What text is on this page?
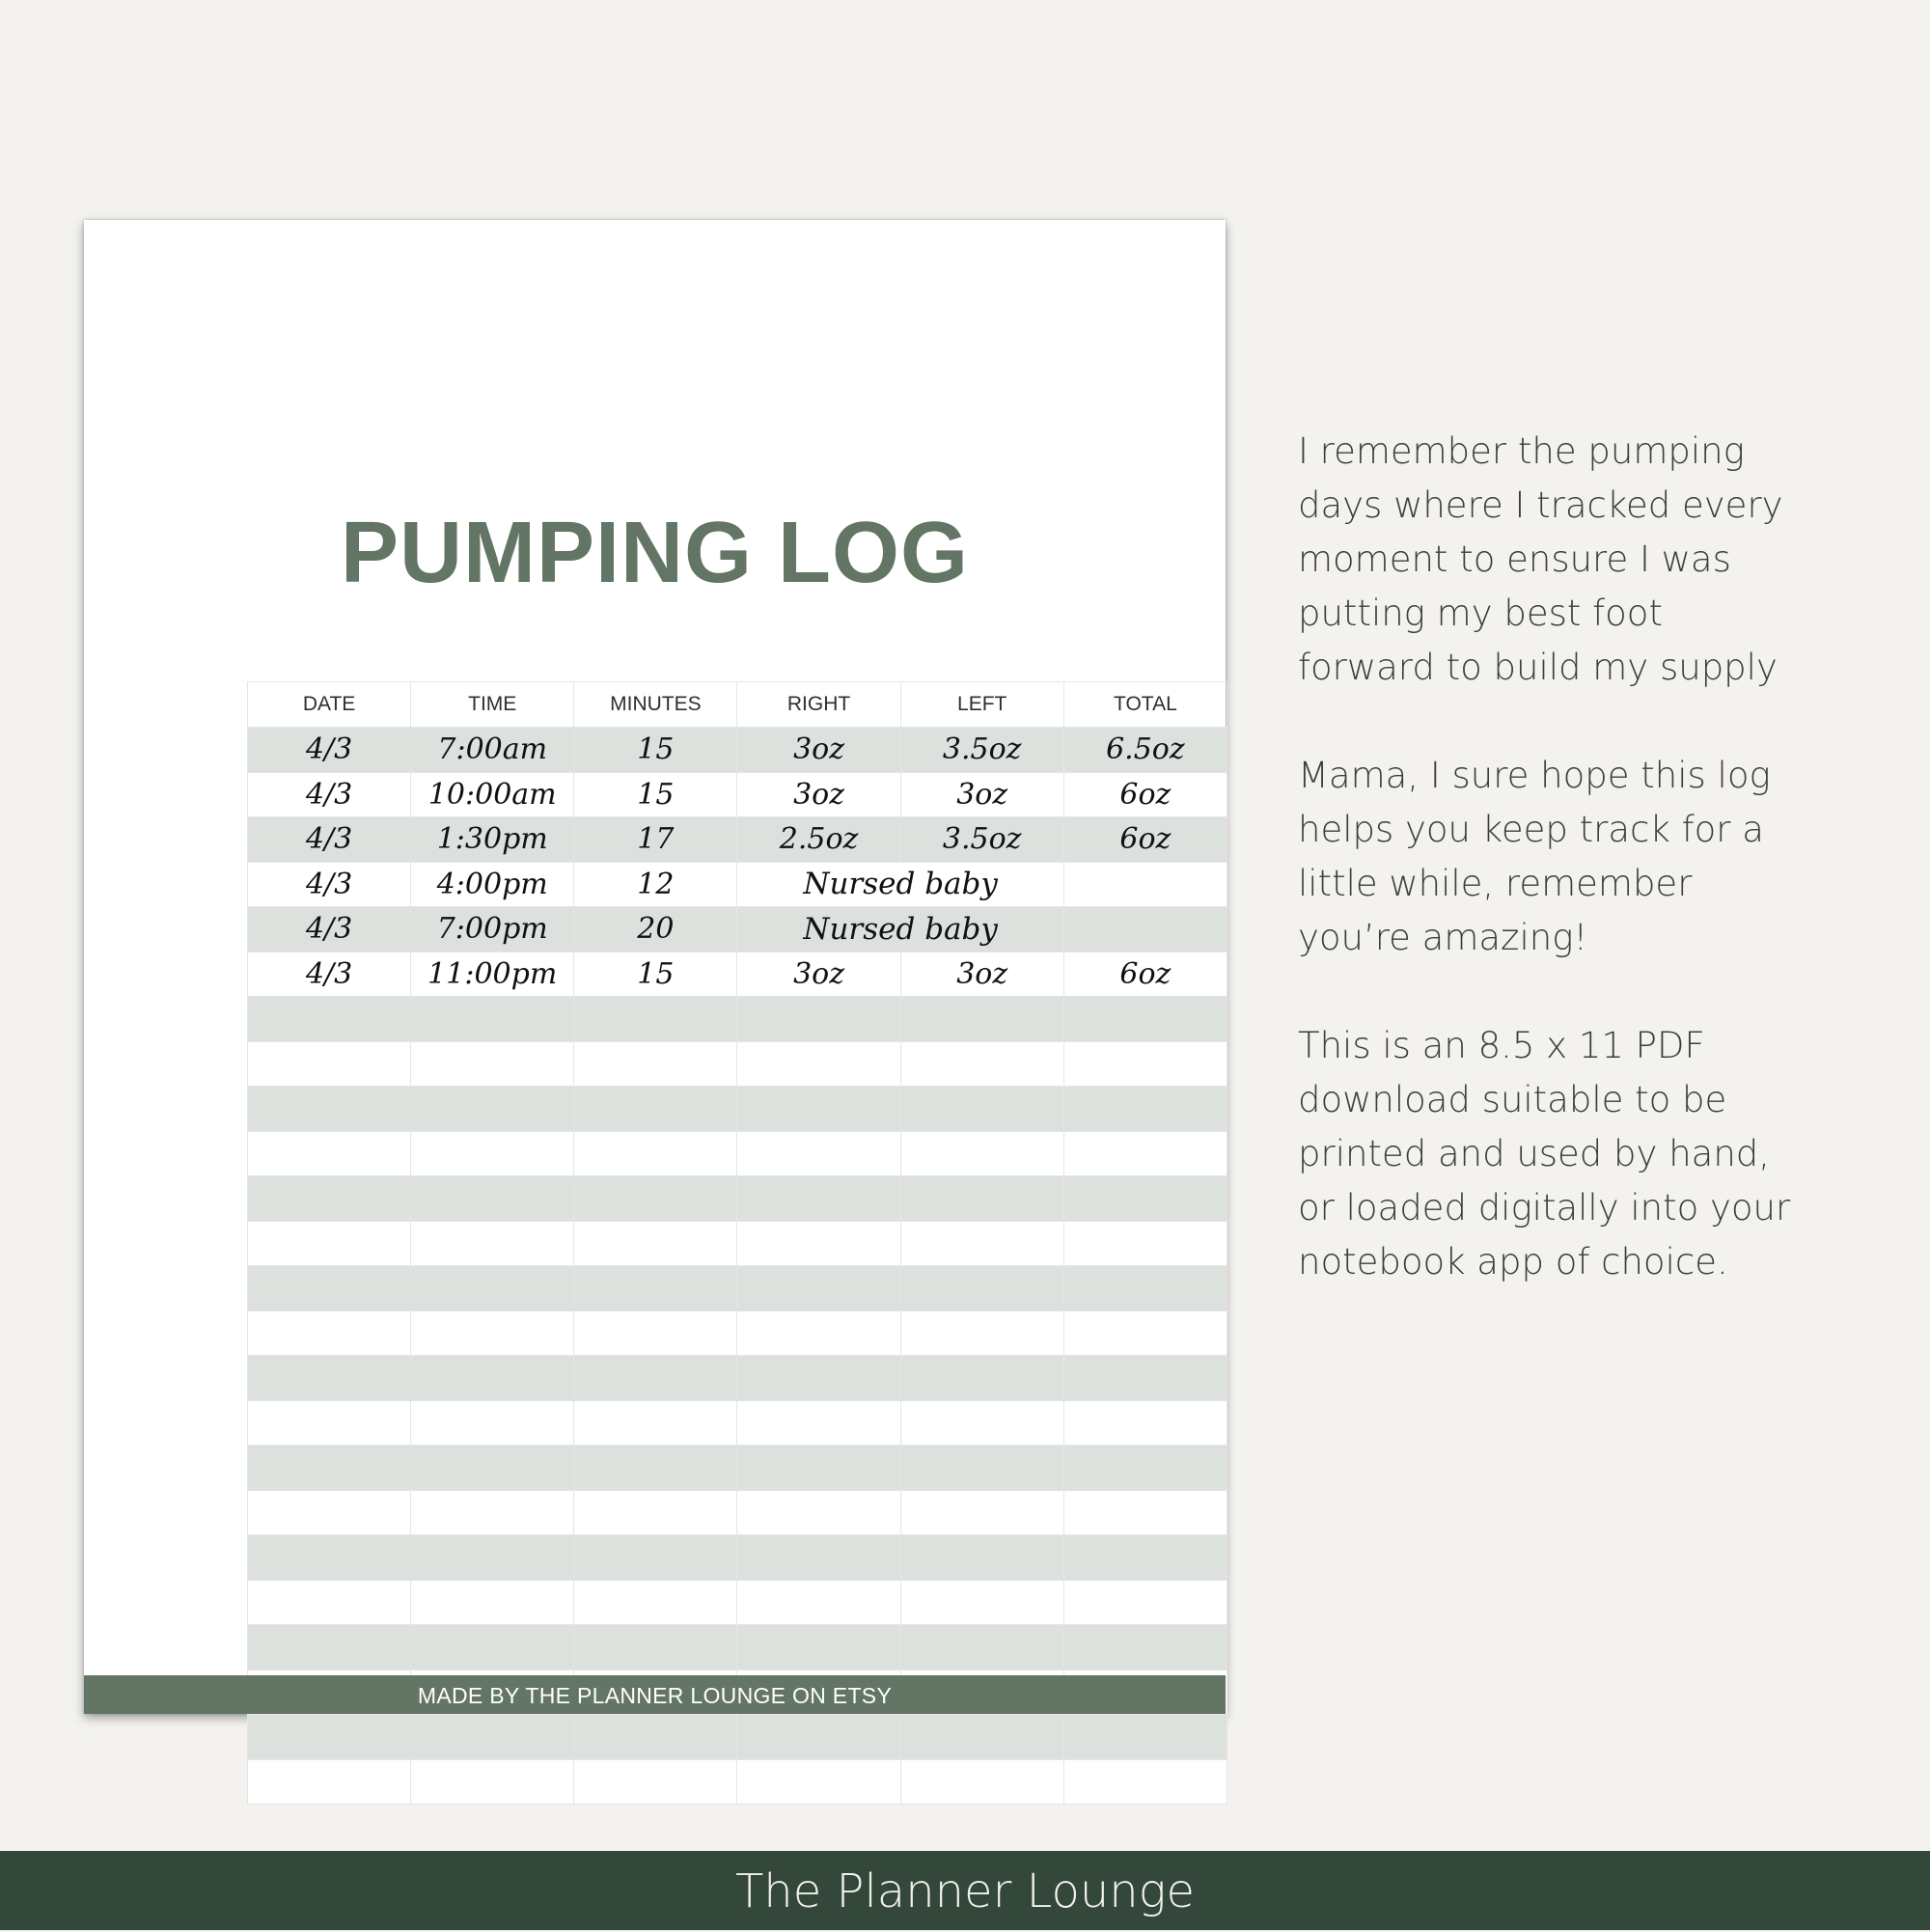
PUMPING LOG
DATE	TIME	MINUTES	RIGHT	LEFT	TOTAL
4/3	7:00am	15	3oz	3.5oz	6.5oz
4/3	10:00am	15	3oz	3oz	6oz
4/3	1:30pm	17	2.5oz	3.5oz	6oz
4/3	4:00pm	12	Nursed baby		
4/3	7:00pm	20	Nursed baby		
4/3	11:00pm	15	3oz	3oz	6oz

MADE BY THE PLANNER LOUNGE ON ETSY

I remember the pumping
days where I tracked every
moment to ensure I was
putting my best foot
forward to build my supply

Mama, I sure hope this log
helps you keep track for a
little while, remember
you’re amazing!

This is an 8.5 x 11 PDF
download suitable to be
printed and used by hand,
or loaded digitally into your
notebook app of choice.

The Planner Lounge
